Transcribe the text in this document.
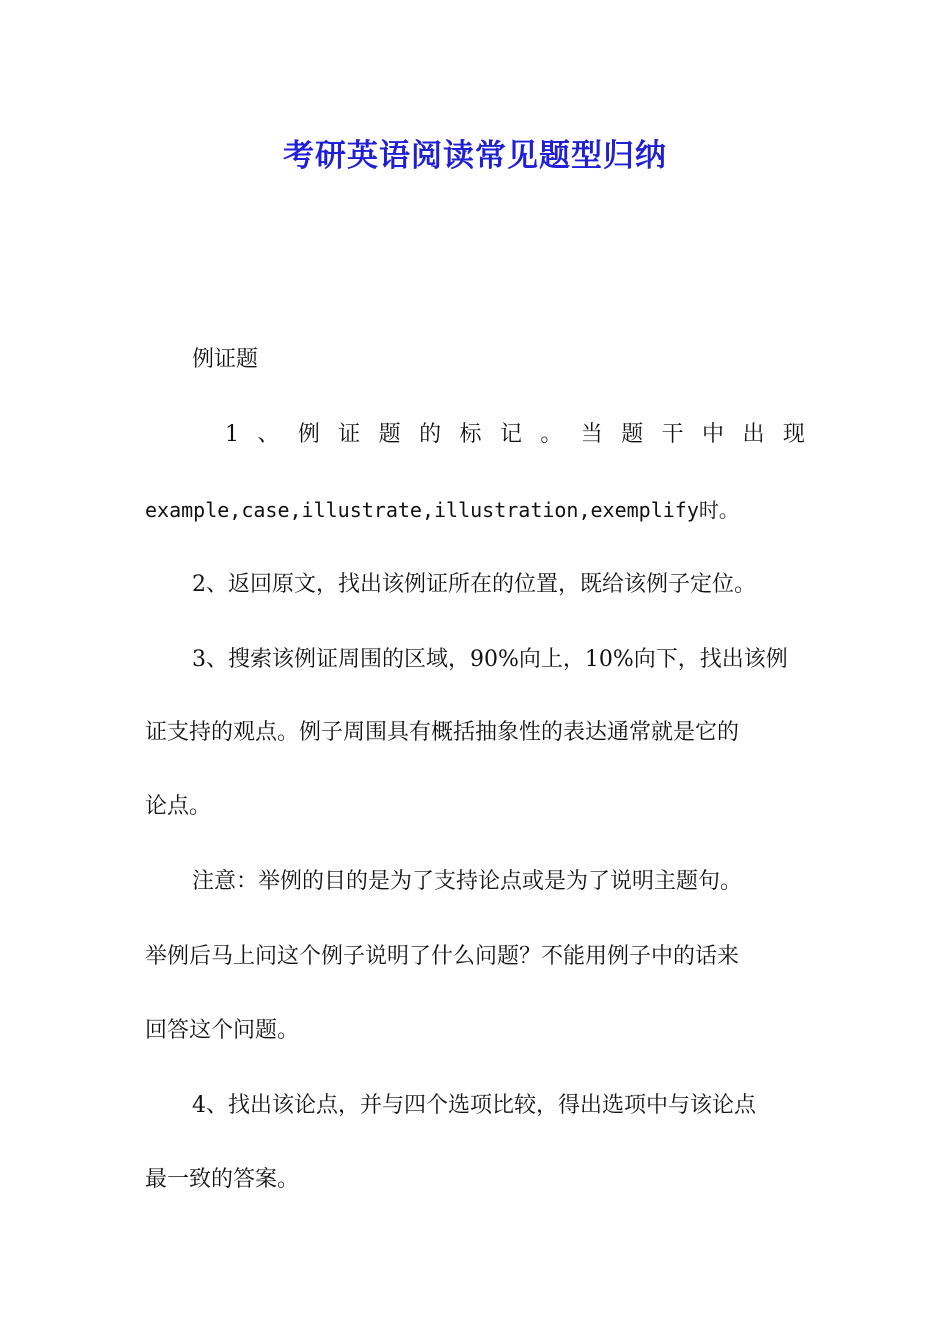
考研英语阅读常见题型归纳
例证题
1 、 例 证 题 的 标 记 。 当 题 干 中 出 现
example,case,illustrate,illustration,exemplify时。
2、返回原文，找出该例证所在的位置，既给该例子定位。
3、搜索该例证周围的区域，90%向上，10%向下，找出该例
证支持的观点。例子周围具有概括抽象性的表达通常就是它的
论点。
注意：举例的目的是为了支持论点或是为了说明主题句。
举例后马上问这个例子说明了什么问题？不能用例子中的话来
回答这个问题。
4、找出该论点，并与四个选项比较，得出选项中与该论点
最一致的答案。
